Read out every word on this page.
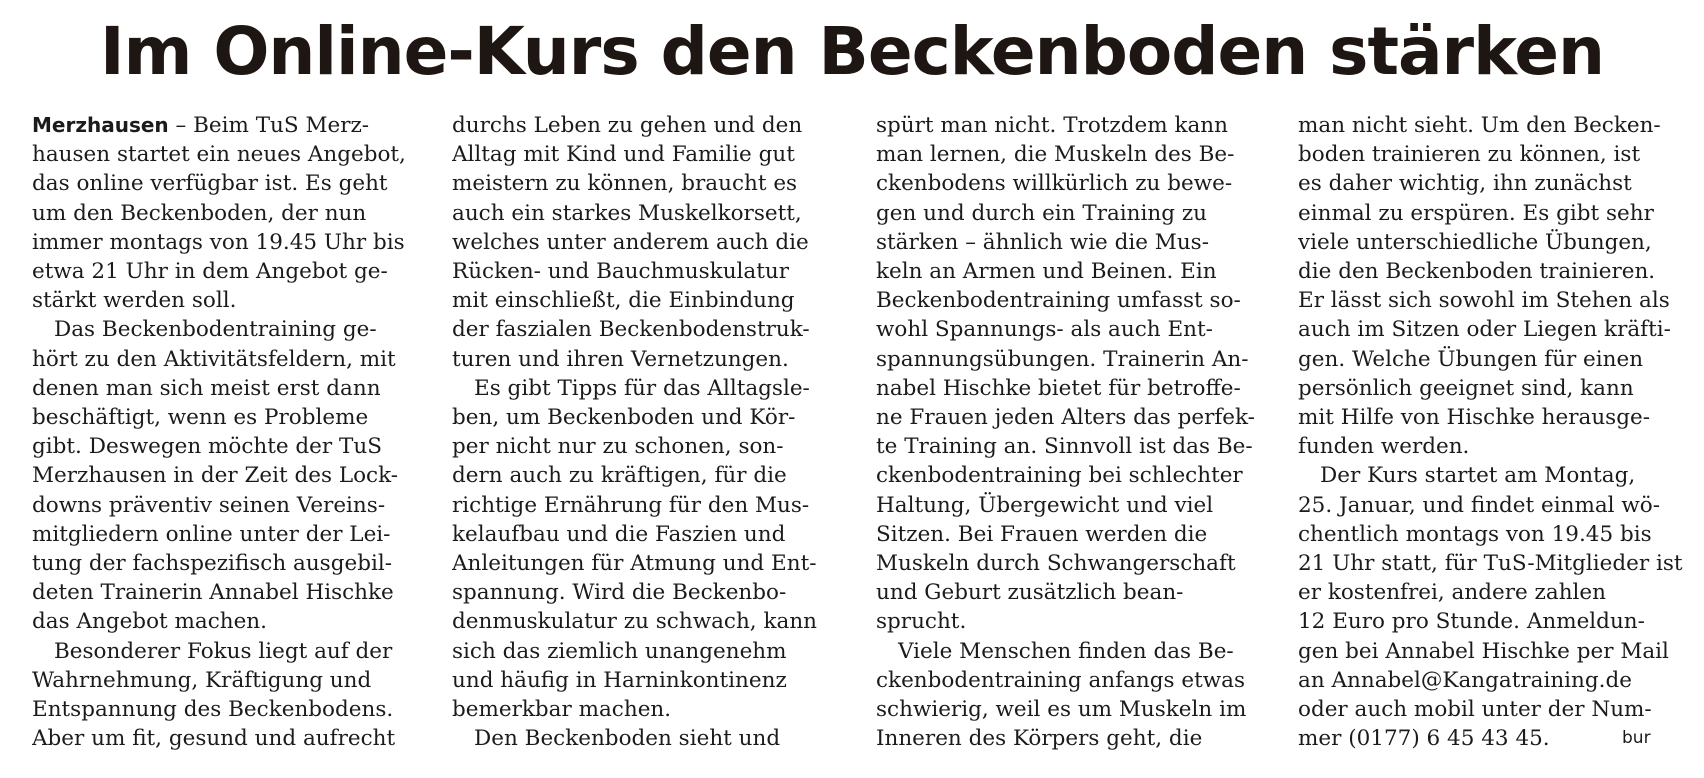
Im Online-Kurs den Beckenboden stärken
Merzhausen – Beim TuS Merz-
hausen startet ein neues Angebot,
das online verfügbar ist. Es geht
um den Beckenboden, der nun
immer montags von 19.45 Uhr bis
etwa 21 Uhr in dem Angebot ge-
stärkt werden soll.
Das Beckenbodentraining ge-
hört zu den Aktivitätsfeldern, mit
denen man sich meist erst dann
beschäftigt, wenn es Probleme
gibt. Deswegen möchte der TuS
Merzhausen in der Zeit des Lock-
downs präventiv seinen Vereins-
mitgliedern online unter der Lei-
tung der fachspezifisch ausgebil-
deten Trainerin Annabel Hischke
das Angebot machen.
Besonderer Fokus liegt auf der
Wahrnehmung, Kräftigung und
Entspannung des Beckenbodens.
Aber um fit, gesund und aufrecht
durchs Leben zu gehen und den
Alltag mit Kind und Familie gut
meistern zu können, braucht es
auch ein starkes Muskelkorsett,
welches unter anderem auch die
Rücken- und Bauchmuskulatur
mit einschließt, die Einbindung
der faszialen Beckenbodenstruk-
turen und ihren Vernetzungen.
Es gibt Tipps für das Alltagsle-
ben, um Beckenboden und Kör-
per nicht nur zu schonen, son-
dern auch zu kräftigen, für die
richtige Ernährung für den Mus-
kelaufbau und die Faszien und
Anleitungen für Atmung und Ent-
spannung. Wird die Beckenbo-
denmuskulatur zu schwach, kann
sich das ziemlich unangenehm
und häufig in Harninkontinenz
bemerkbar machen.
Den Beckenboden sieht und
spürt man nicht. Trotzdem kann
man lernen, die Muskeln des Be-
ckenbodens willkürlich zu bewe-
gen und durch ein Training zu
stärken – ähnlich wie die Mus-
keln an Armen und Beinen. Ein
Beckenbodentraining umfasst so-
wohl Spannungs- als auch Ent-
spannungsübungen. Trainerin An-
nabel Hischke bietet für betroffe-
ne Frauen jeden Alters das perfek-
te Training an. Sinnvoll ist das Be-
ckenbodentraining bei schlechter
Haltung, Übergewicht und viel
Sitzen. Bei Frauen werden die
Muskeln durch Schwangerschaft
und Geburt zusätzlich bean-
sprucht.
Viele Menschen finden das Be-
ckenbodentraining anfangs etwas
schwierig, weil es um Muskeln im
Inneren des Körpers geht, die
man nicht sieht. Um den Becken-
boden trainieren zu können, ist
es daher wichtig, ihn zunächst
einmal zu erspüren. Es gibt sehr
viele unterschiedliche Übungen,
die den Beckenboden trainieren.
Er lässt sich sowohl im Stehen als
auch im Sitzen oder Liegen kräfti-
gen. Welche Übungen für einen
persönlich geeignet sind, kann
mit Hilfe von Hischke herausge-
funden werden.
Der Kurs startet am Montag,
25. Januar, und findet einmal wö-
chentlich montags von 19.45 bis
21 Uhr statt, für TuS-Mitglieder ist
er kostenfrei, andere zahlen
12 Euro pro Stunde. Anmeldun-
gen bei Annabel Hischke per Mail
an Annabel@Kangatraining.de
oder auch mobil unter der Num-
mer (0177) 6 45 43 45.	bur
